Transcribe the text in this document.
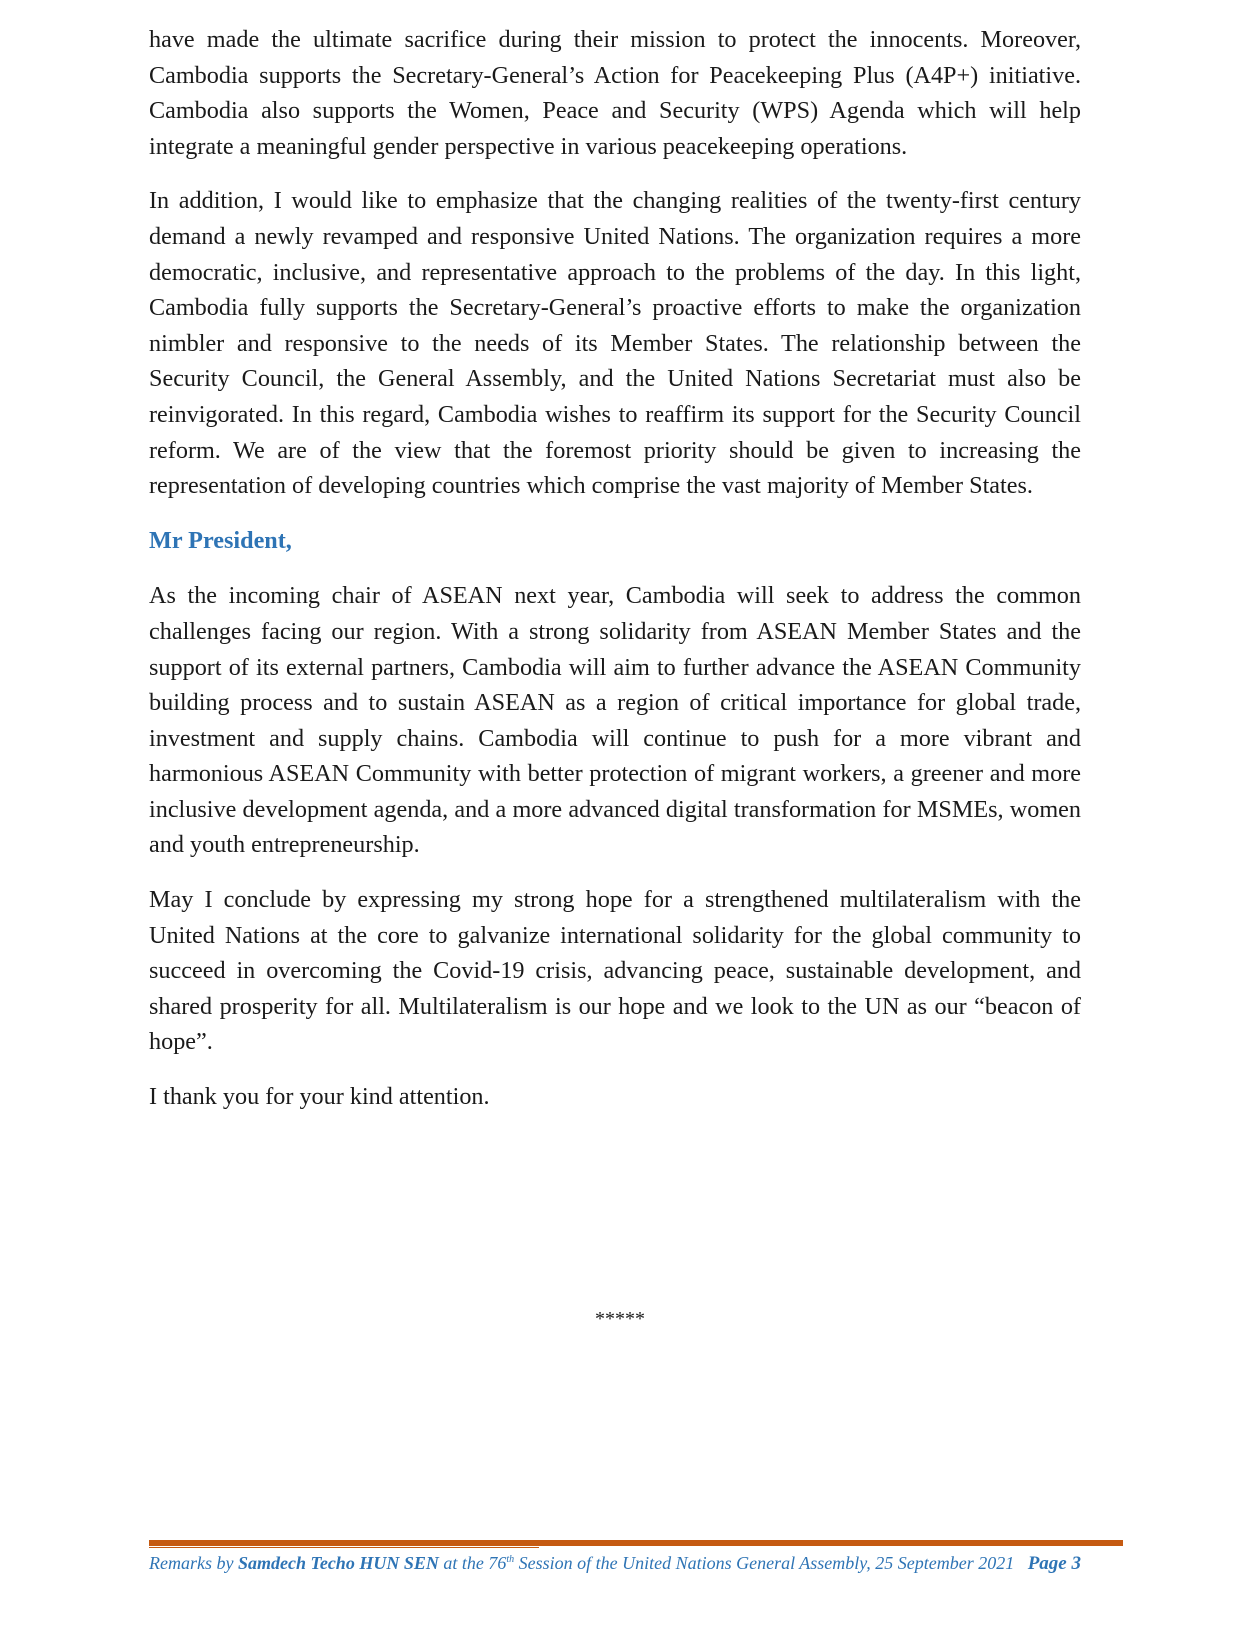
have made the ultimate sacrifice during their mission to protect the innocents. Moreover, Cambodia supports the Secretary-General’s Action for Peacekeeping Plus (A4P+) initiative. Cambodia also supports the Women, Peace and Security (WPS) Agenda which will help integrate a meaningful gender perspective in various peacekeeping operations.

In addition, I would like to emphasize that the changing realities of the twenty-first century demand a newly revamped and responsive United Nations. The organization requires a more democratic, inclusive, and representative approach to the problems of the day. In this light, Cambodia fully supports the Secretary-General’s proactive efforts to make the organization nimbler and responsive to the needs of its Member States. The relationship between the Security Council, the General Assembly, and the United Nations Secretariat must also be reinvigorated. In this regard, Cambodia wishes to reaffirm its support for the Security Council reform. We are of the view that the foremost priority should be given to increasing the representation of developing countries which comprise the vast majority of Member States.

Mr President,

As the incoming chair of ASEAN next year, Cambodia will seek to address the common challenges facing our region. With a strong solidarity from ASEAN Member States and the support of its external partners, Cambodia will aim to further advance the ASEAN Community building process and to sustain ASEAN as a region of critical importance for global trade, investment and supply chains. Cambodia will continue to push for a more vibrant and harmonious ASEAN Community with better protection of migrant workers, a greener and more inclusive development agenda, and a more advanced digital transformation for MSMEs, women and youth entrepreneurship.

May I conclude by expressing my strong hope for a strengthened multilateralism with the United Nations at the core to galvanize international solidarity for the global community to succeed in overcoming the Covid-19 crisis, advancing peace, sustainable development, and shared prosperity for all. Multilateralism is our hope and we look to the UN as our “beacon of hope”.

I thank you for your kind attention.

*****
Remarks by Samdech Techo HUN SEN at the 76th Session of the United Nations General Assembly, 25 September 2021 Page 3
